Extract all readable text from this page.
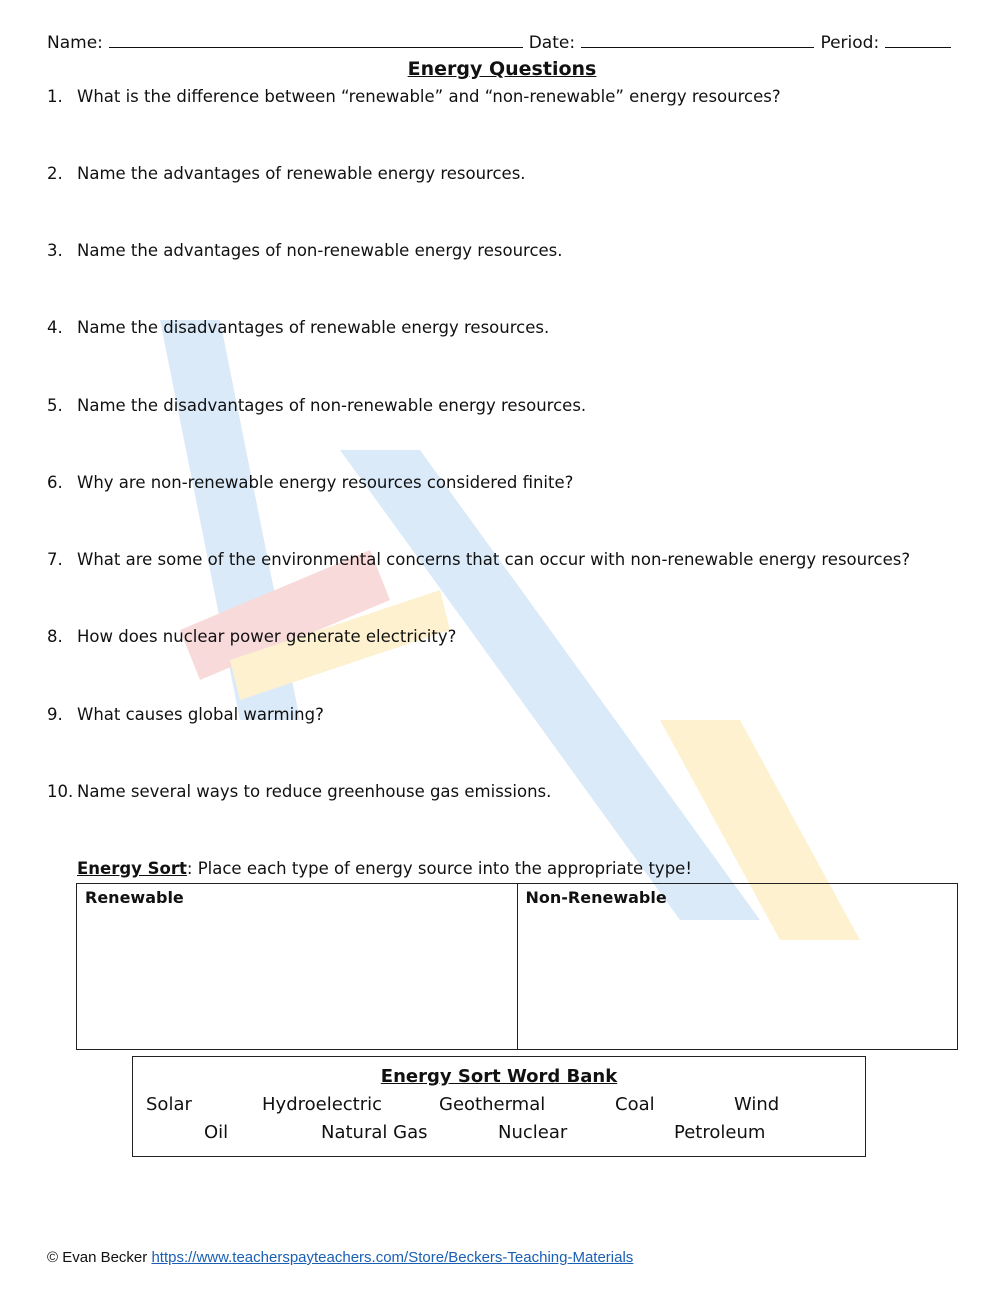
Name:	Date:	Period:
Energy Questions
1. What is the difference between “renewable” and “non-renewable” energy resources?
2. Name the advantages of renewable energy resources.
3. Name the advantages of non-renewable energy resources.
4. Name the disadvantages of renewable energy resources.
5. Name the disadvantages of non-renewable energy resources.
6. Why are non-renewable energy resources considered finite?
7. What are some of the environmental concerns that can occur with non-renewable energy resources?
8. How does nuclear power generate electricity?
9. What causes global warming?
10. Name several ways to reduce greenhouse gas emissions.
Energy Sort: Place each type of energy source into the appropriate type!
Renewable	Non-Renewable
Energy Sort Word Bank
Solar	Hydroelectric	Geothermal	Coal	Wind
Oil	Natural Gas	Nuclear	Petroleum
© Evan Becker https://www.teacherspayteachers.com/Store/Beckers-Teaching-Materials
